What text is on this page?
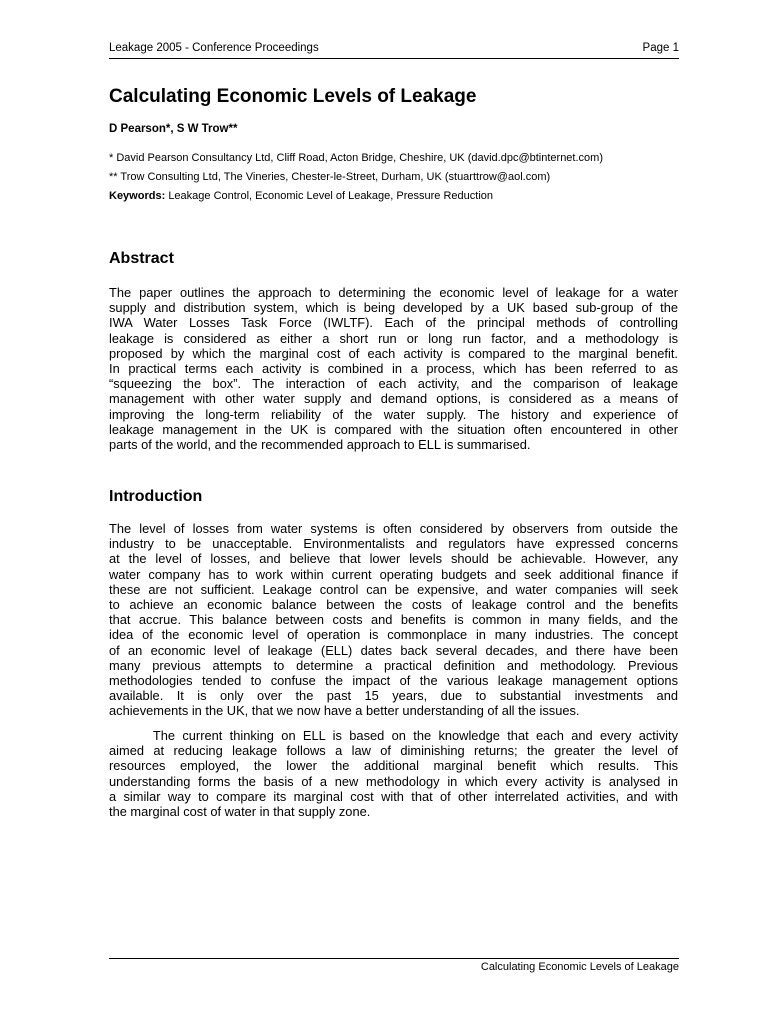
Leakage 2005 - Conference Proceedings	Page 1
Calculating Economic Levels of Leakage
D Pearson*, S W Trow**
* David Pearson Consultancy Ltd, Cliff Road, Acton Bridge, Cheshire, UK (david.dpc@btinternet.com)
** Trow Consulting Ltd, The Vineries, Chester-le-Street, Durham, UK (stuarttrow@aol.com)
Keywords: Leakage Control, Economic Level of Leakage, Pressure Reduction
Abstract
The paper outlines the approach to determining the economic level of leakage for a water
supply and distribution system, which is being developed by a UK based sub-group of the
IWA Water Losses Task Force (IWLTF). Each of the principal methods of controlling
leakage is considered as either a short run or long run factor, and a methodology is
proposed by which the marginal cost of each activity is compared to the marginal benefit.
In practical terms each activity is combined in a process, which has been referred to as
“squeezing the box”. The interaction of each activity, and the comparison of leakage
management with other water supply and demand options, is considered as a means of
improving the long-term reliability of the water supply. The history and experience of
leakage management in the UK is compared with the situation often encountered in other
parts of the world, and the recommended approach to ELL is summarised.
Introduction
The level of losses from water systems is often considered by observers from outside the
industry to be unacceptable. Environmentalists and regulators have expressed concerns
at the level of losses, and believe that lower levels should be achievable. However, any
water company has to work within current operating budgets and seek additional finance if
these are not sufficient. Leakage control can be expensive, and water companies will seek
to achieve an economic balance between the costs of leakage control and the benefits
that accrue. This balance between costs and benefits is common in many fields, and the
idea of the economic level of operation is commonplace in many industries. The concept
of an economic level of leakage (ELL) dates back several decades, and there have been
many previous attempts to determine a practical definition and methodology. Previous
methodologies tended to confuse the impact of the various leakage management options
available. It is only over the past 15 years, due to substantial investments and
achievements in the UK, that we now have a better understanding of all the issues.
The current thinking on ELL is based on the knowledge that each and every activity
aimed at reducing leakage follows a law of diminishing returns; the greater the level of
resources employed, the lower the additional marginal benefit which results. This
understanding forms the basis of a new methodology in which every activity is analysed in
a similar way to compare its marginal cost with that of other interrelated activities, and with
the marginal cost of water in that supply zone.
Calculating Economic Levels of Leakage
